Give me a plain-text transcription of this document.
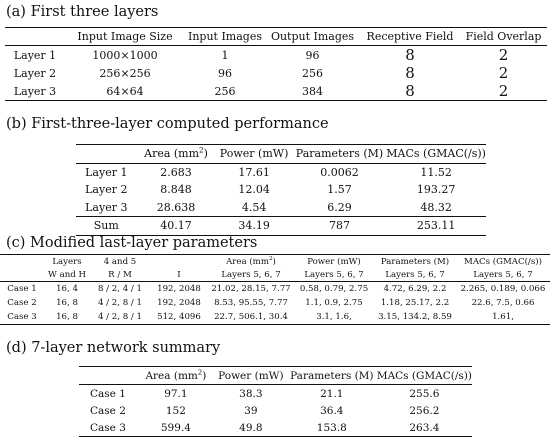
(a) First three layers
	Input Image Size	Input Images	Output Images	Receptive Field	Field Overlap
Layer 1	1000×1000	1	96	8	2
Layer 2	256×256	96	256	8	2
Layer 3	64×64	256	384	8	2
(b) First-three-layer computed performance
	Area $(mm^2)$	Power (mW)	Parameters (M)	MACs (GMAC(/s))
Layer 1	2.683	17.61	0.0062	11.52
Layer 2	8.848	12.04	1.57	193.27
Layer 3	28.638	4.54	6.29	48.32
Sum	40.17	34.19	787	253.11
(c) Modified last-layer parameters
	Layers	4 and 5		Area $(mm^2)$	Power (mW)	Parameters (M)	MACs (GMAC(/s))
	W and H	R / M	I	Layers 5, 6, 7	Layers 5, 6, 7	Layers 5, 6, 7	Layers 5, 6, 7
Case 1	16, 4	8 / 2, 4 / 1	192, 2048	21.02, 28.15, 7.77	0.58, 0.79, 2.75	4.72, 6.29, 2.2	2.265, 0.189, 0.066
Case 2	16, 8	4 / 2, 8 / 1	192, 2048	8.53, 95.55, 7.77	1.1, 0.9, 2.75	1.18, 25.17, 2.2	22.6, 7.5, 0.66
Case 3	16, 8	4 / 2, 8 / 1	512, 4096	22.7, 506.1, 30.4	3.1, 1.6,	3.15, 134.2, 8.59	1.61,
(d) 7-layer network summary
	Area $(mm^2)$	Power (mW)	Parameters (M)	MACs (GMAC(/s))
Case 1	97.1	38.3	21.1	255.6
Case 2	152	39	36.4	256.2
Case 3	599.4	49.8	153.8	263.4
